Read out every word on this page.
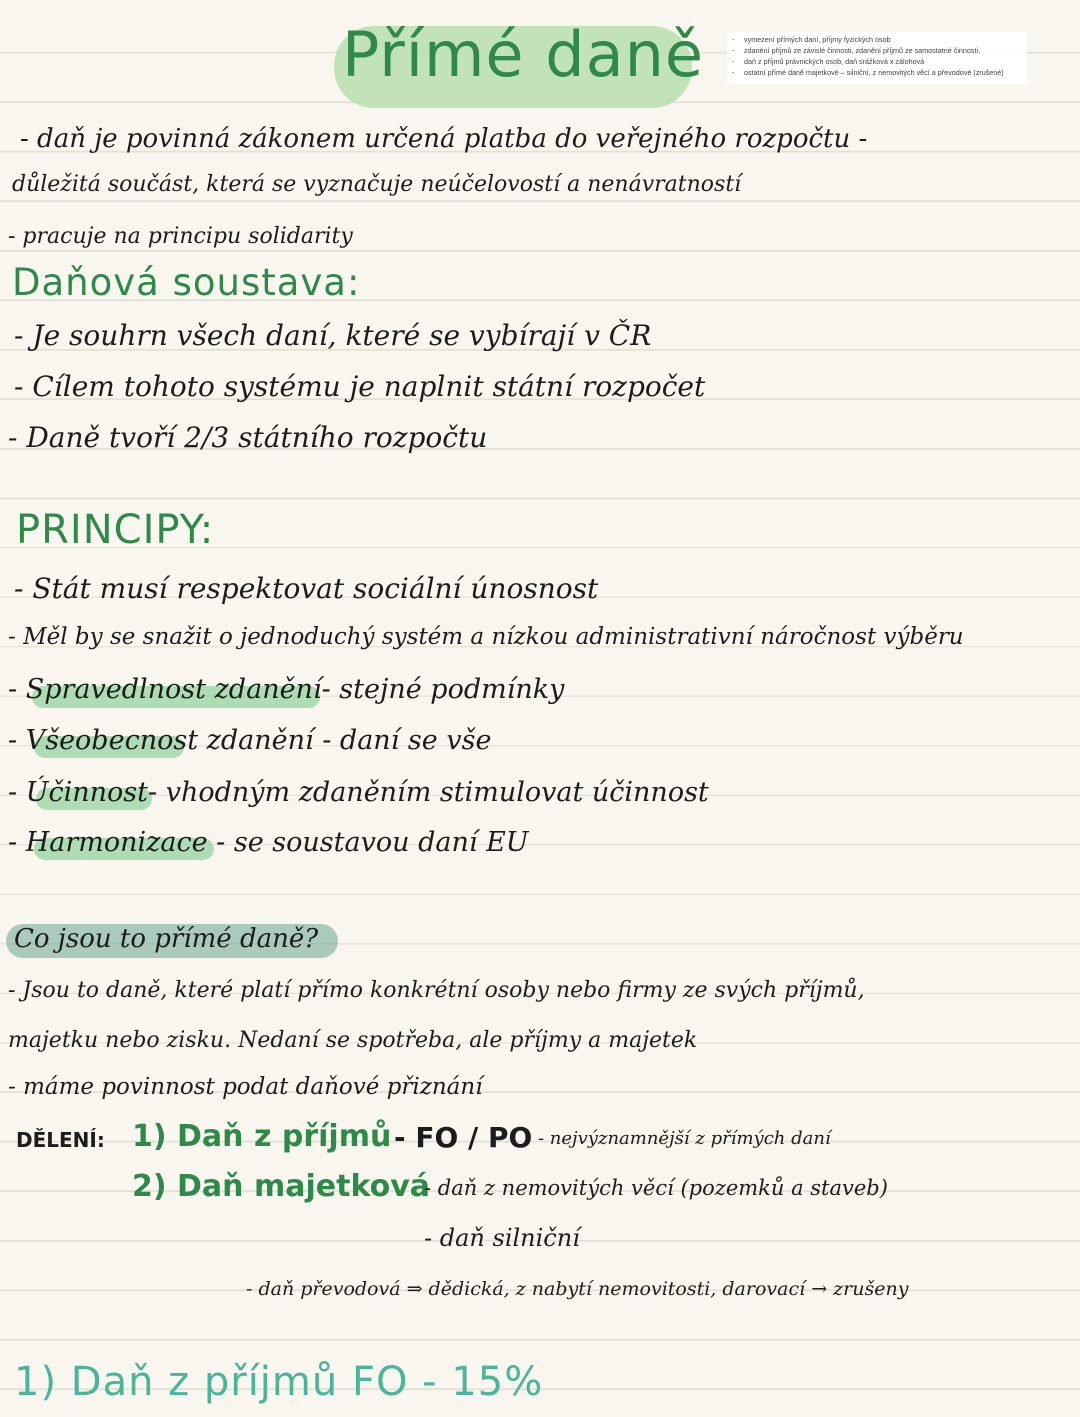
Přímé daně
-	vymezení přímých daní, příjmy fyzických osob
- zdanění příjmů ze závislé činnosti, zdanění příjmů ze samostatné činnosti,
- daň z příjmů právnických osob, daň srážková x zálohová
- ostatní přímé daně majetkové – silniční, z nemovitých věcí a převodové (zrušené)
- daň je povinná zákonem určená platba do veřejného rozpočtu -
důležitá součást, která se vyznačuje neúčelovostí a nenávratností
- pracuje na principu solidarity
Daňová soustava:
- Je souhrn všech daní, které se vybírají v ČR
- Cílem tohoto systému je naplnit státní rozpočet
- Daně tvoří 2/3 státního rozpočtu
PRINCIPY:
- Stát musí respektovat sociální únosnost
- Měl by se snažit o jednoduchý systém a nízkou administrativní náročnost výběru
- Spravedlnost zdanění- stejné podmínky
- Všeobecnost zdanění - daní se vše
- Účinnost- vhodným zdaněním stimulovat účinnost
- Harmonizace - se soustavou daní EU
Co jsou to přímé daně?
- Jsou to daně, které platí přímo konkrétní osoby nebo firmy ze svých příjmů,
majetku nebo zisku. Nedaní se spotřeba, ale příjmy a majetek
- máme povinnost podat daňové přiznání
DĚLENÍ: 1) Daň z příjmů - FO / PO - nejvýznamnější z přímých daní
2) Daň majetková
- daň z nemovitých věcí (pozemků a staveb)
- daň silniční
- daň převodová ⇒ dědická, z nabytí nemovitosti, darovací → zrušeny
1) Daň z příjmů FO - 15%
